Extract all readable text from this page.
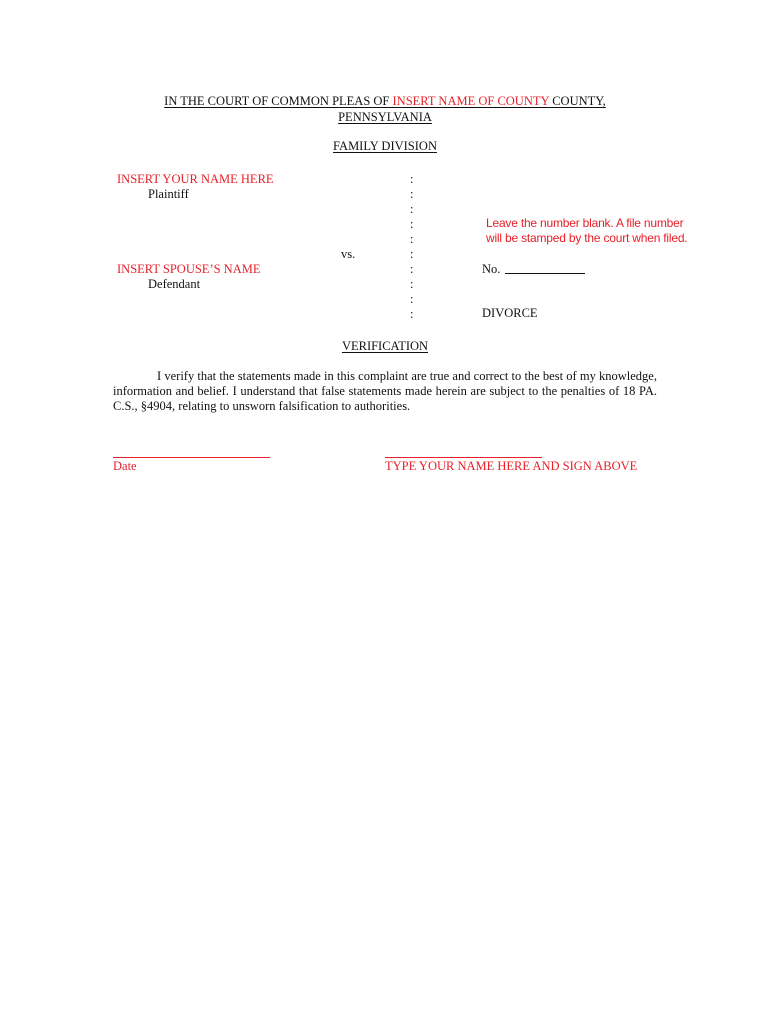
IN THE COURT OF COMMON PLEAS OF INSERT NAME OF COUNTY COUNTY,
PENNSYLVANIA
FAMILY DIVISION
INSERT YOUR NAME HERE
Plaintiff
vs.
INSERT SPOUSE’S NAME
Defendant
:
:
:
:
:
:
:
:
:
:
Leave the number blank. A file number
will be stamped by the court when filed.
No.
DIVORCE
VERIFICATION
I verify that the statements made in this complaint are true and correct to the best of my knowledge, information and belief. I understand that false statements made herein are subject to the penalties of 18 PA. C.S., §4904, relating to unsworn falsification to authorities.
Date	TYPE YOUR NAME HERE AND SIGN ABOVE
